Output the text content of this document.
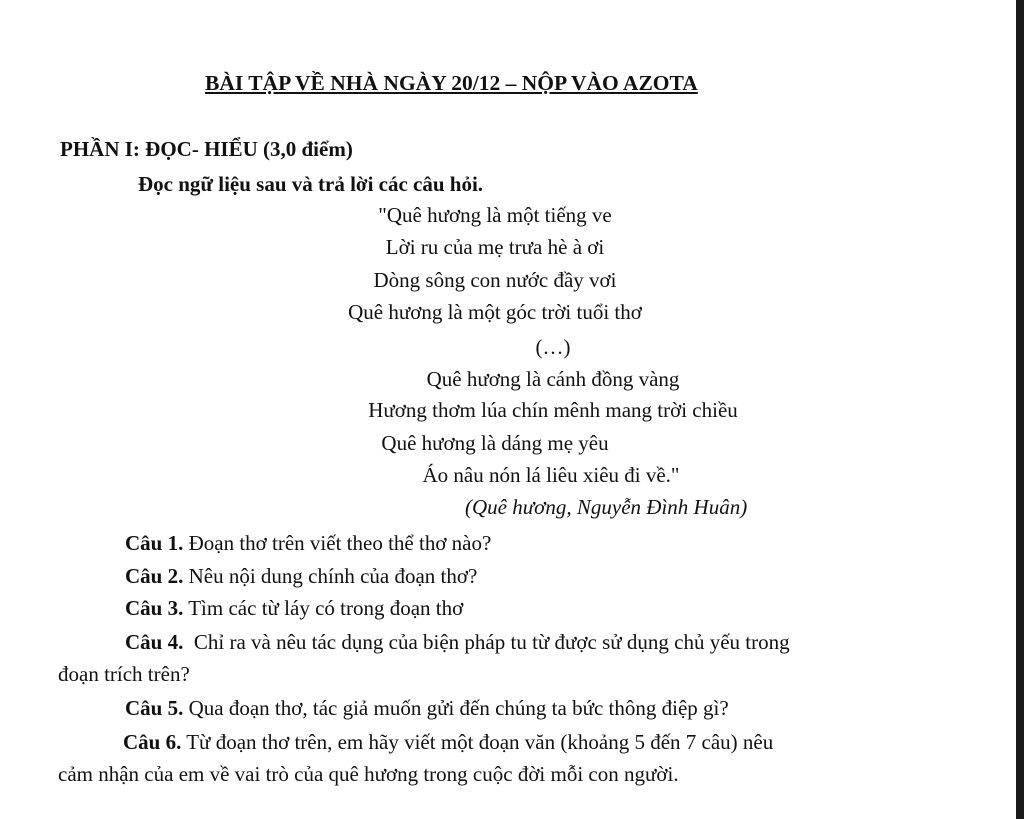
BÀI TẬP VỀ NHÀ NGÀY 20/12 – NỘP VÀO AZOTA
PHẦN I: ĐỌC- HIỂU (3,0 điểm)
Đọc ngữ liệu sau và trả lời các câu hỏi.
"Quê hương là một tiếng ve
Lời ru của mẹ trưa hè à ơi
Dòng sông con nước đầy vơi
Quê hương là một góc trời tuổi thơ
(…)
Quê hương là cánh đồng vàng
Hương thơm lúa chín mênh mang trời chiều
Quê hương là dáng mẹ yêu
Áo nâu nón lá liêu xiêu đi về."
(Quê hương, Nguyễn Đình Huân)
Câu 1. Đoạn thơ trên viết theo thể thơ nào?
Câu 2. Nêu nội dung chính của đoạn thơ?
Câu 3. Tìm các từ láy có trong đoạn thơ
Câu 4. Chỉ ra và nêu tác dụng của biện pháp tu từ được sử dụng chủ yếu trong
đoạn trích trên?
Câu 5. Qua đoạn thơ, tác giả muốn gửi đến chúng ta bức thông điệp gì?
Câu 6. Từ đoạn thơ trên, em hãy viết một đoạn văn (khoảng 5 đến 7 câu) nêu
cảm nhận của em về vai trò của quê hương trong cuộc đời mỗi con người.
